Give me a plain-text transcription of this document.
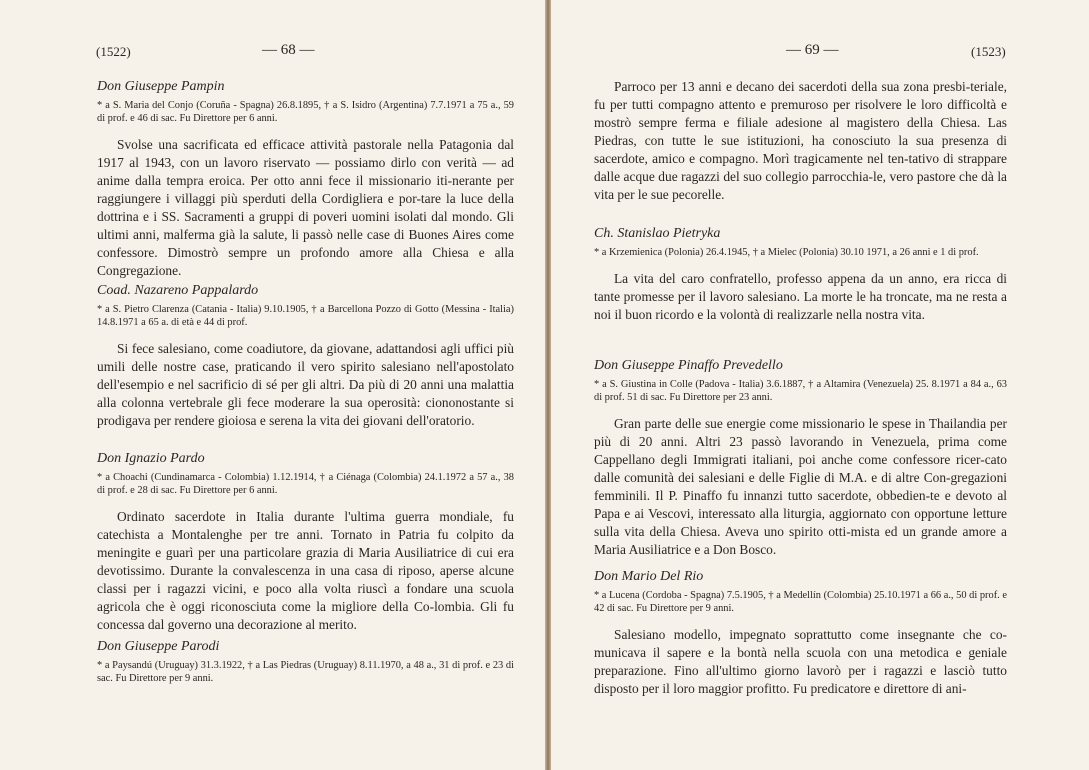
(1522)	— 68 —
Don Giuseppe Pampin
* a S. Maria del Conjo (Coruña - Spagna) 26.8.1895, † a S. Isidro (Argentina) 7.7.1971 a 75 a., 59 di prof. e 46 di sac. Fu Direttore per 6 anni.

Svolse una sacrificata ed efficace attività pastorale nella Patagonia dal 1917 al 1943, con un lavoro riservato — possiamo dirlo con verità — ad anime dalla tempra eroica. Per otto anni fece il missionario iti-nerante per raggiungere i villaggi più sperduti della Cordigliera e por-tare la luce della dottrina e i SS. Sacramenti a gruppi di poveri uomini isolati dal mondo. Gli ultimi anni, malferma già la salute, li passò nelle case di Buones Aires come confessore. Dimostrò sempre un profondo amore alla Chiesa e alla Congregazione.

Coad. Nazareno Pappalardo
* a S. Pietro Clarenza (Catania - Italia) 9.10.1905, † a Barcellona Pozzo di Gotto (Messina - Italia) 14.8.1971 a 65 a. di età e 44 di prof.

Si fece salesiano, come coadiutore, da giovane, adattandosi agli uffici più umili delle nostre case, praticando il vero spirito salesiano nell'apostolato dell'esempio e nel sacrificio di sé per gli altri. Da più di 20 anni una malattia alla colonna vertebrale gli fece moderare la sua operosità: ciononostante si prodigava per rendere gioiosa e serena la vita dei giovani dell'oratorio.

Don Ignazio Pardo
* a Choachi (Cundinamarca - Colombia) 1.12.1914, † a Ciénaga (Colombia) 24.1.1972 a 57 a., 38 di prof. e 28 di sac. Fu Direttore per 6 anni.

Ordinato sacerdote in Italia durante l'ultima guerra mondiale, fu catechista a Montalenghe per tre anni. Tornato in Patria fu colpito da meningite e guarì per una particolare grazia di Maria Ausiliatrice di cui era devotissimo. Durante la convalescenza in una casa di riposo, aperse alcune classi per i ragazzi vicini, e poco alla volta riuscì a fondare una scuola agricola che è oggi riconosciuta come la migliore della Co-lombia. Gli fu concessa dal governo una decorazione al merito.

Don Giuseppe Parodi
* a Paysandú (Uruguay) 31.3.1922, † a Las Piedras (Uruguay) 8.11.1970, a 48 a., 31 di prof. e 23 di sac. Fu Direttore per 9 anni.
— 69 —	(1523)

Parroco per 13 anni e decano dei sacerdoti della sua zona presbi-teriale, fu per tutti compagno attento e premuroso per risolvere le loro difficoltà e mostrò sempre ferma e filiale adesione al magistero della Chiesa. Las Piedras, con tutte le sue istituzioni, ha conosciuto la sua presenza di sacerdote, amico e compagno. Morì tragicamente nel ten-tativo di strappare dalle acque due ragazzi del suo collegio parrocchia-le, vero pastore che dà la vita per le sue pecorelle.

Ch. Stanislao Pietryka
* a Krzemienica (Polonia) 26.4.1945, † a Mielec (Polonia) 30.10 1971, a 26 anni e 1 di prof.

La vita del caro confratello, professo appena da un anno, era ricca di tante promesse per il lavoro salesiano. La morte le ha troncate, ma ne resta a noi il buon ricordo e la volontà di realizzarle nella nostra vita.

Don Giuseppe Pinaffo Prevedello
* a S. Giustina in Colle (Padova - Italia) 3.6.1887, † a Altamira (Venezuela) 25. 8.1971 a 84 a., 63 di prof. 51 di sac. Fu Direttore per 23 anni.

Gran parte delle sue energie come missionario le spese in Thailandia per più di 20 anni. Altri 23 passò lavorando in Venezuela, prima come Cappellano degli Immigrati italiani, poi anche come confessore ricer-cato dalle comunità dei salesiani e delle Figlie di M.A. e di altre Con-gregazioni femminili. Il P. Pinaffo fu innanzi tutto sacerdote, obbedien-te e devoto al Papa e ai Vescovi, interessato alla liturgia, aggiornato con opportune letture sulla vita della Chiesa. Aveva uno spirito otti-mista ed un grande amore a Maria Ausiliatrice e a Don Bosco.

Don Mario Del Rio
* a Lucena (Cordoba - Spagna) 7.5.1905, † a Medellín (Colombia) 25.10.1971 a 66 a., 50 di prof. e 42 di sac. Fu Direttore per 9 anni.

Salesiano modello, impegnato soprattutto come insegnante che co-municava il sapere e la bontà nella scuola con una metodica e geniale preparazione. Fino all'ultimo giorno lavorò per i ragazzi e lasciò tutto disposto per il loro maggior profitto. Fu predicatore e direttore di ani-
